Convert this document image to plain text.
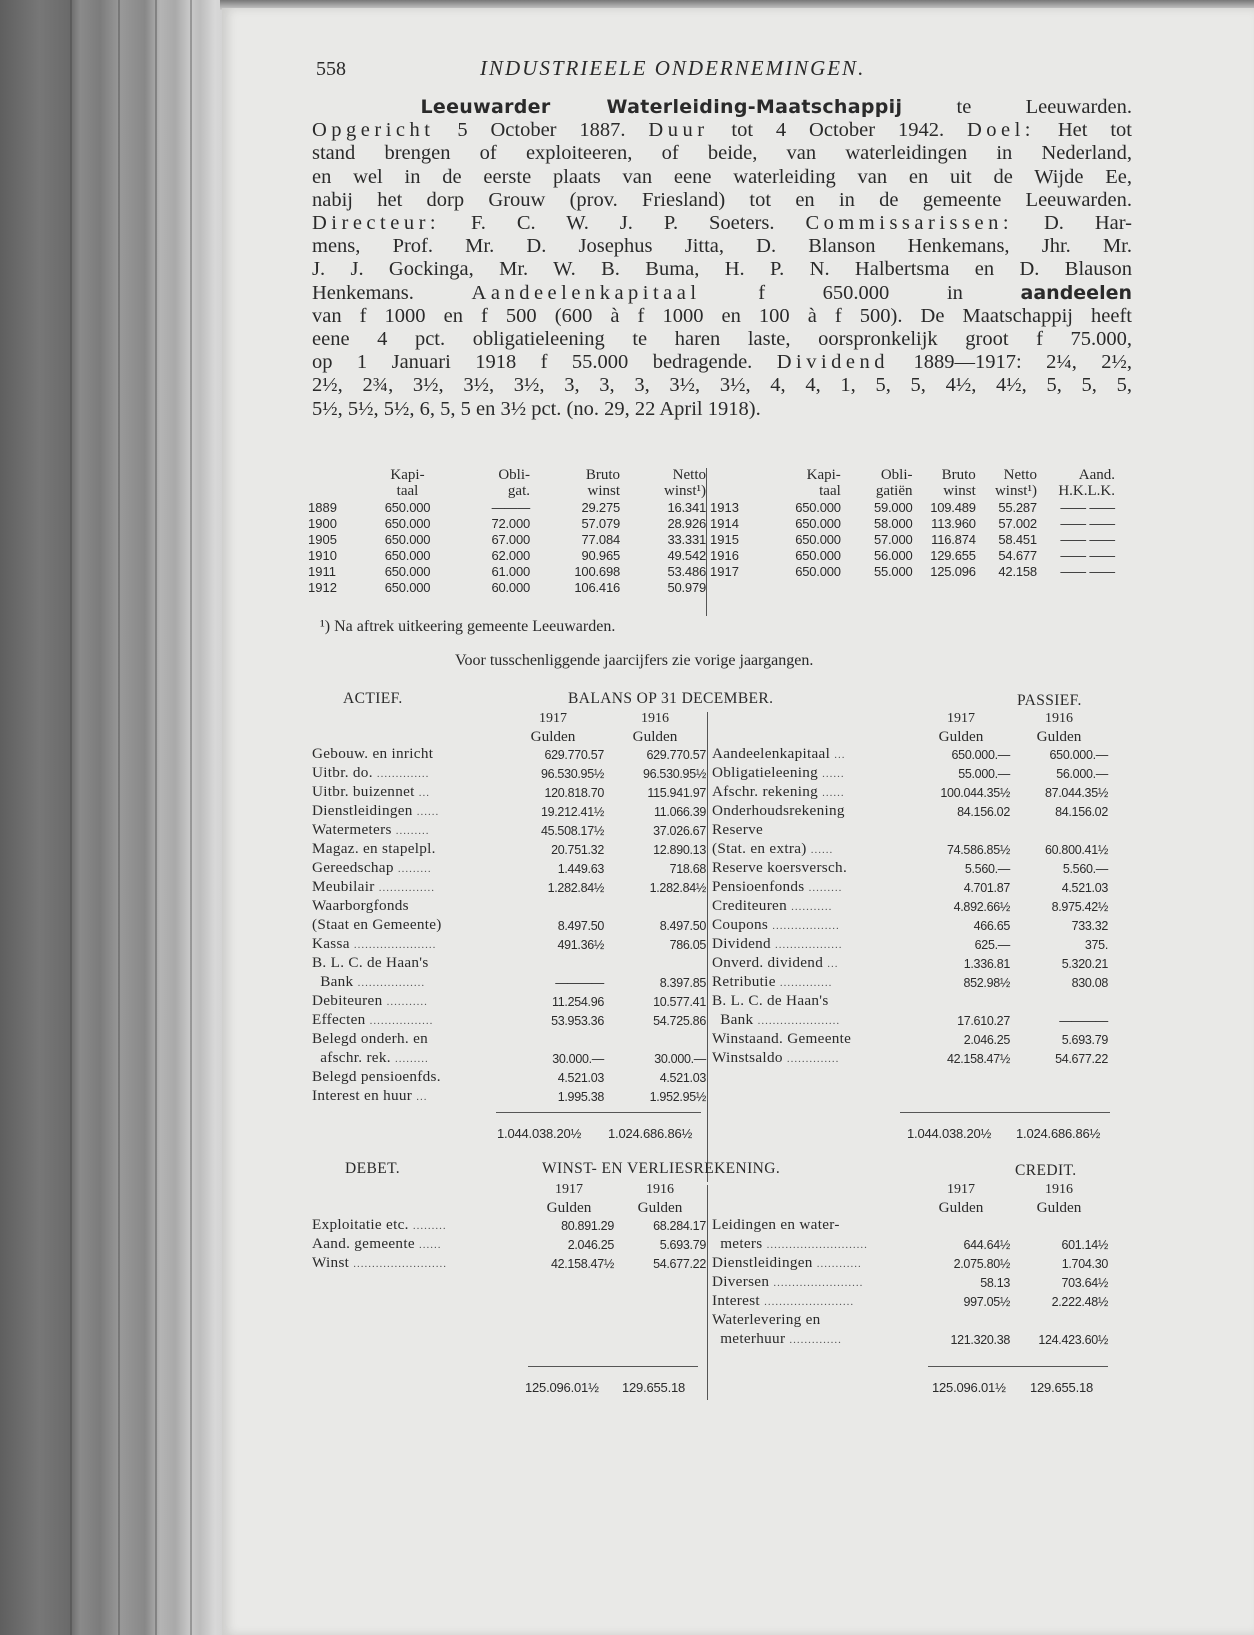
558	INDUSTRIEELE ONDERNEMINGEN.
Leeuwarder Waterleiding-Maatschappij te Leeuwarden.
Opgericht 5 October 1887. Duur tot 4 October 1942. Doel: Het tot
stand brengen of exploiteeren, of beide, van waterleidingen in Nederland,
en wel in de eerste plaats van eene waterleiding van en uit de Wijde Ee,
nabij het dorp Grouw (prov. Friesland) tot en in de gemeente Leeuwarden.
Directeur: F. C. W. J. P. Soeters. Commissarissen: D. Har-
mens, Prof. Mr. D. Josephus Jitta, D. Blanson Henkemans, Jhr. Mr.
J. J. Gockinga, Mr. W. B. Buma, H. P. N. Halbertsma en D. Blauson
Henkemans. Aandeelenkapitaal f 650.000 in aandeelen
van f 1000 en f 500 (600 à f 1000 en 100 à f 500). De Maatschappij heeft
eene 4 pct. obligatieleening te haren laste, oorspronkelijk groot f 75.000,
op 1 Januari 1918 f 55.000 bedragende. Dividend 1889—1917: 2¼, 2½,
2½, 2¾, 3½, 3½, 3½, 3, 3, 3, 3½, 3½, 4, 4, 1, 5, 5, 4½, 4½, 5, 5, 5,
5½, 5½, 5½, 6, 5, 5 en 3½ pct. (no. 29, 22 April 1918).
	Kapi-	Obli-	Bruto	Netto
	taal	gat.	winst	winst¹)
1889	650.000	———	29.275	16.341
1900	650.000	72.000	57.079	28.926
1905	650.000	67.000	77.084	33.331
1910	650.000	62.000	90.965	49.542
1911	650.000	61.000	100.698	53.486
1912	650.000	60.000	106.416	50.979
	Kapi-	Obli-	Bruto	Netto	Aand.
	taal	gatiën	winst	winst¹)	H.K.L.K.
1913	650.000	59.000	109.489	55.287	—— ——
1914	650.000	58.000	113.960	57.002	—— ——
1915	650.000	57.000	116.874	58.451	—— ——
1916	650.000	56.000	129.655	54.677	—— ——
1917	650.000	55.000	125.096	42.158	—— ——
¹) Na aftrek uitkeering gemeente Leeuwarden.
Voor tusschenliggende jaarcijfers zie vorige jaargangen.
ACTIEF.	BALANS OP 31 DECEMBER.	PASSIEF.
	1917	1916
	Gulden	Gulden
Gebouw. en inricht	629.770.57	629.770.57
Uitbr. do. ..............	96.530.95½	96.530.95½
Uitbr. buizennet ...	120.818.70	115.941.97
Dienstleidingen ......	19.212.41½	11.066.39
Watermeters .........	45.508.17½	37.026.67
Magaz. en stapelpl.	20.751.32	12.890.13
Gereedschap .........	1.449.63	718.68
Meubilair ...............	1.282.84½	1.282.84½
Waarborgfonds		
(Staat en Gemeente)	8.497.50	8.497.50
Kassa ......................	491.36½	786.05
B. L. C. de Haan's		
Bank ..................	————	8.397.85
Debiteuren ...........	11.254.96	10.577.41
Effecten .................	53.953.36	54.725.86
Belegd onderh. en		
afschr. rek. .........	30.000.—	30.000.—
Belegd pensioenfds.	4.521.03	4.521.03
Interest en huur ...	1.995.38	1.952.95½
	1917	1916
	Gulden	Gulden
Aandeelenkapitaal ...	650.000.—	650.000.—
Obligatieleening ......	55.000.—	56.000.—
Afschr. rekening ......	100.044.35½	87.044.35½
Onderhoudsrekening	84.156.02	84.156.02
Reserve		
(Stat. en extra) ......	74.586.85½	60.800.41½
Reserve koersversch.	5.560.—	5.560.—
Pensioenfonds .........	4.701.87	4.521.03
Crediteuren ...........	4.892.66½	8.975.42½
Coupons ..................	466.65	733.32
Dividend ..................	625.—	375.
Onverd. dividend ...	1.336.81	5.320.21
Retributie ..............	852.98½	830.08
B. L. C. de Haan's		
Bank ......................	17.610.27	————
Winstaand. Gemeente	2.046.25	5.693.79
Winstsaldo ..............	42.158.47½	54.677.22
1.044.038.20½ 1.024.686.86½	1.044.038.20½ 1.024.686.86½
DEBET.	WINST- EN VERLIESREKENING.	CREDIT.
	1917	1916
	Gulden	Gulden
Exploitatie etc. .........	80.891.29	68.284.17
Aand. gemeente ......	2.046.25	5.693.79
Winst .........................	42.158.47½	54.677.22
	1917	1916
	Gulden	Gulden
Leidingen en water-		
meters ...........................	644.64½	601.14½
Dienstleidingen ............	2.075.80½	1.704.30
Diversen ........................	58.13	703.64½
Interest ........................	997.05½	2.222.48½
Waterlevering en		
meterhuur ..............	121.320.38	124.423.60½
125.096.01½ 129.655.18	125.096.01½ 129.655.18
